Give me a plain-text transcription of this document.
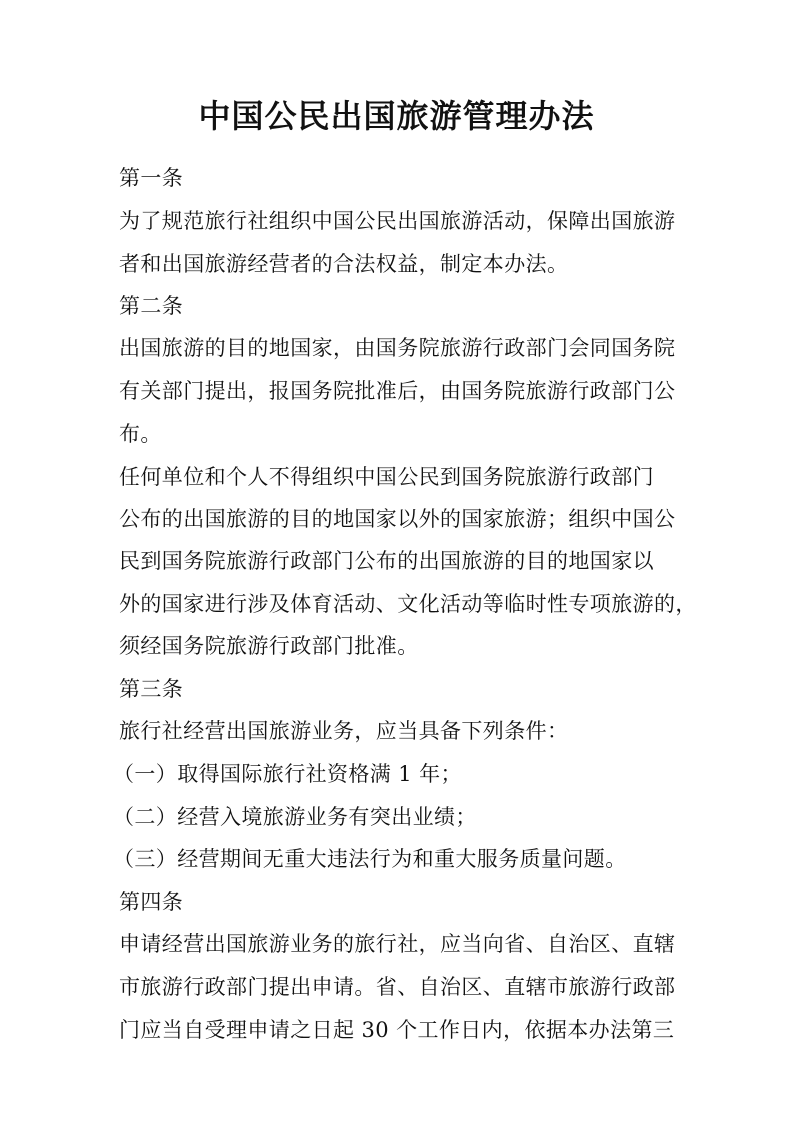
中国公民出国旅游管理办法
第一条
为了规范旅行社组织中国公民出国旅游活动，保障出国旅游
者和出国旅游经营者的合法权益，制定本办法。
第二条
出国旅游的目的地国家，由国务院旅游行政部门会同国务院
有关部门提出，报国务院批准后，由国务院旅游行政部门公
布。
任何单位和个人不得组织中国公民到国务院旅游行政部门
公布的出国旅游的目的地国家以外的国家旅游；组织中国公
民到国务院旅游行政部门公布的出国旅游的目的地国家以
外的国家进行涉及体育活动、文化活动等临时性专项旅游的，
须经国务院旅游行政部门批准。
第三条
旅行社经营出国旅游业务，应当具备下列条件：
（一）取得国际旅行社资格满 1 年；
（二）经营入境旅游业务有突出业绩；
（三）经营期间无重大违法行为和重大服务质量问题。
第四条
申请经营出国旅游业务的旅行社，应当向省、自治区、直辖
市旅游行政部门提出申请。省、自治区、直辖市旅游行政部
门应当自受理申请之日起 30 个工作日内，依据本办法第三
